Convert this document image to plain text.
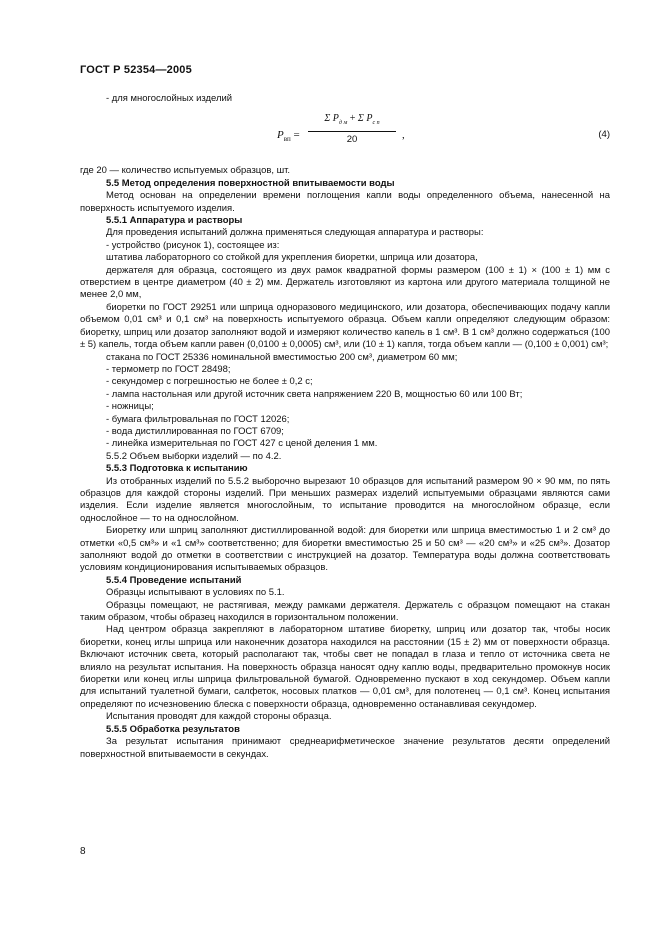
ГОСТ Р 52354—2005

- для многослойных изделий

$P_{вп}$ =
Σ $P_{д м} + \Sigma$ $P_{с п}$
20	,	(4)

где 20 — количество испытуемых образцов, шт.

5.5 Метод определения поверхностной впитываемости воды

Метод основан на определении времени поглощения капли воды определенного объема, нанесенной на поверхность испытуемого изделия.

5.5.1 Аппаратура и растворы

Для проведения испытаний должна применяться следующая аппаратура и растворы:

- устройство (рисунок 1), состоящее из:

штатива лабораторного со стойкой для укрепления биоретки, шприца или дозатора,

держателя для образца, состоящего из двух рамок квадратной формы размером (100 ± 1) × (100 ± 1) мм с отверстием в центре диаметром (40 ± 2) мм. Держатель изготовляют из картона или другого материала толщиной не менее 2,0 мм,

биоретки по ГОСТ 29251 или шприца одноразового медицинского, или дозатора, обеспечивающих подачу капли объемом 0,01 см³ и 0,1 см³ на поверхность испытуемого образца. Объем капли определяют следующим образом: биоретку, шприц или дозатор заполняют водой и измеряют количество капель в 1 см³. В 1 см³ должно содержаться (100 ± 5) капель, тогда объем капли равен (0,0100 ± 0,0005) см³, или (10 ± 1) капля, тогда объем капли — (0,100 ± 0,001) см³;

стакана по ГОСТ 25336 номинальной вместимостью 200 см³, диаметром 60 мм;

- термометр по ГОСТ 28498;

- секундомер с погрешностью не более ± 0,2 с;

- лампа настольная или другой источник света напряжением 220 В, мощностью 60 или 100 Вт;

- ножницы;

- бумага фильтровальная по ГОСТ 12026;

- вода дистиллированная по ГОСТ 6709;

- линейка измерительная по ГОСТ 427 с ценой деления 1 мм.

5.5.2 Объем выборки изделий — по 4.2.

5.5.3 Подготовка к испытанию

Из отобранных изделий по 5.5.2 выборочно вырезают 10 образцов для испытаний размером 90 × 90 мм, по пять образцов для каждой стороны изделий. При меньших размерах изделий испытуемыми образцами являются сами изделия. Если изделие является многослойным, то испытание проводится на многослойном образце, если однослойное — то на однослойном.

Биоретку или шприц заполняют дистиллированной водой: для биоретки или шприца вместимостью 1 и 2 см³ до отметки «0,5 см³» и «1 см³» соответственно; для биоретки вместимостью 25 и 50 см³ — «20 см³» и «25 см³». Дозатор заполняют водой до отметки в соответствии с инструкцией на дозатор. Температура воды должна соответствовать условиям кондиционирования испытываемых образцов.

5.5.4 Проведение испытаний

Образцы испытывают в условиях по 5.1.

Образцы помещают, не растягивая, между рамками держателя. Держатель с образцом помещают на стакан таким образом, чтобы образец находился в горизонтальном положении.

Над центром образца закрепляют в лабораторном штативе биоретку, шприц или дозатор так, чтобы носик биоретки, конец иглы шприца или наконечник дозатора находился на расстоянии (15 ± 2) мм от поверхности образца. Включают источник света, который располагают так, чтобы свет не попадал в глаза и тепло от источника света не влияло на результат испытания. На поверхность образца наносят одну каплю воды, предварительно промокнув носик биоретки или конец иглы шприца фильтровальной бумагой. Одновременно пускают в ход секундомер. Объем капли для испытаний туалетной бумаги, салфеток, носовых платков — 0,01 см³, для полотенец — 0,1 см³. Конец испытания определяют по исчезновению блеска с поверхности образца, одновременно останавливая секундомер.

Испытания проводят для каждой стороны образца.

5.5.5 Обработка результатов

За результат испытания принимают среднеарифметическое значение результатов десяти определений поверхностной впитываемости в секундах.

8
